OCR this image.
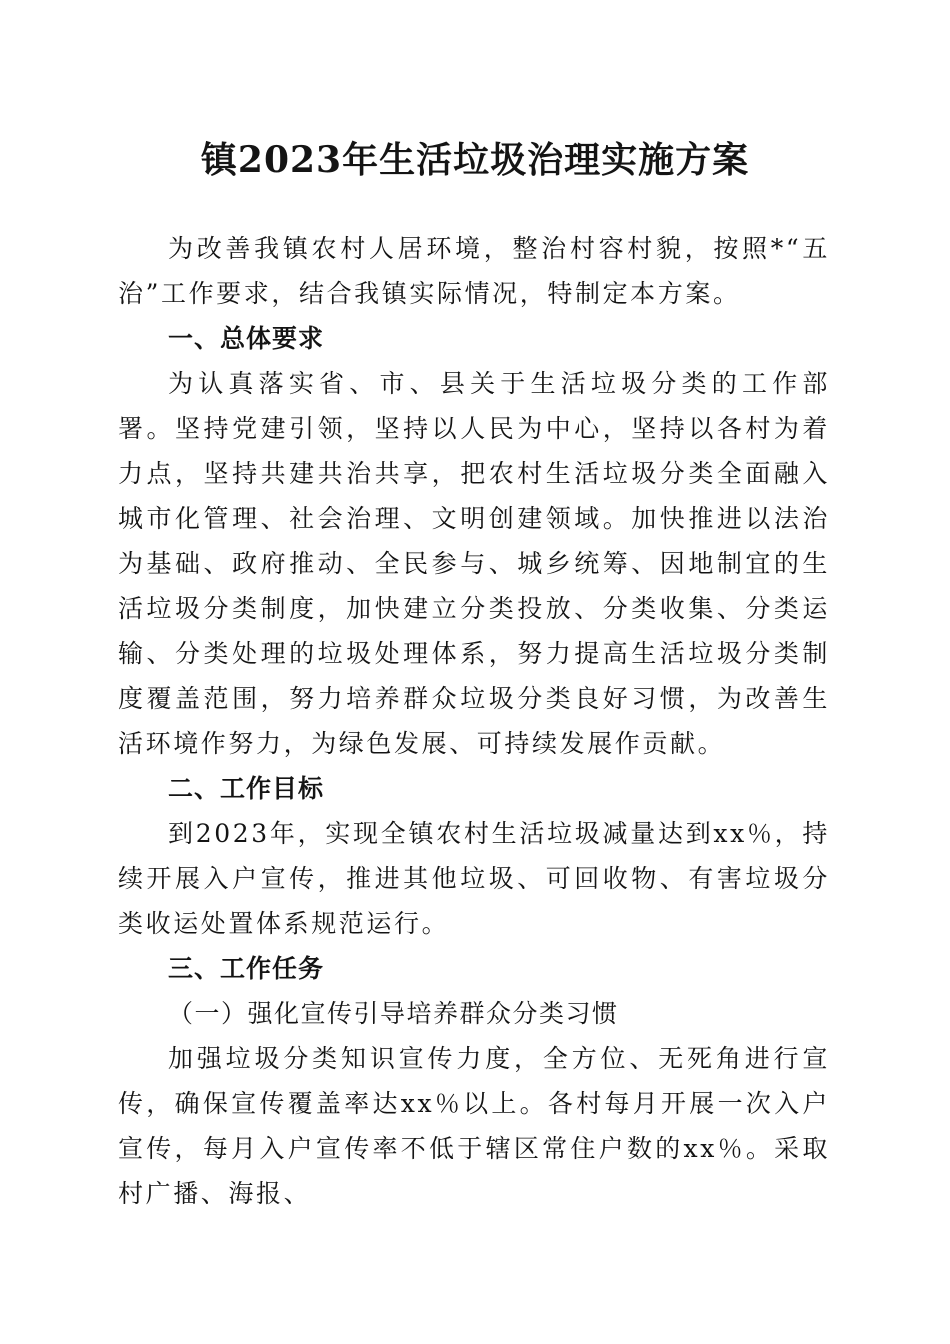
镇2023年生活垃圾治理实施方案

为改善我镇农村人居环境，整治村容村貌，按照*“五治”工作要求，结合我镇实际情况，特制定本方案。

一、总体要求

为认真落实省、市、县关于生活垃圾分类的工作部署。坚持党建引领，坚持以人民为中心，坚持以各村为着力点，坚持共建共治共享，把农村生活垃圾分类全面融入城市化管理、社会治理、文明创建领域。加快推进以法治为基础、政府推动、全民参与、城乡统筹、因地制宜的生活垃圾分类制度，加快建立分类投放、分类收集、分类运输、分类处理的垃圾处理体系，努力提高生活垃圾分类制度覆盖范围，努力培养群众垃圾分类良好习惯，为改善生活环境作努力，为绿色发展、可持续发展作贡献。

二、工作目标

到2023年，实现全镇农村生活垃圾减量达到xx％，持续开展入户宣传，推进其他垃圾、可回收物、有害垃圾分类收运处置体系规范运行。

三、工作任务

（一）强化宣传引导培养群众分类习惯

加强垃圾分类知识宣传力度，全方位、无死角进行宣传，确保宣传覆盖率达xx％以上。各村每月开展一次入户宣传，每月入户宣传率不低于辖区常住户数的xx％。采取村广播、海报、
